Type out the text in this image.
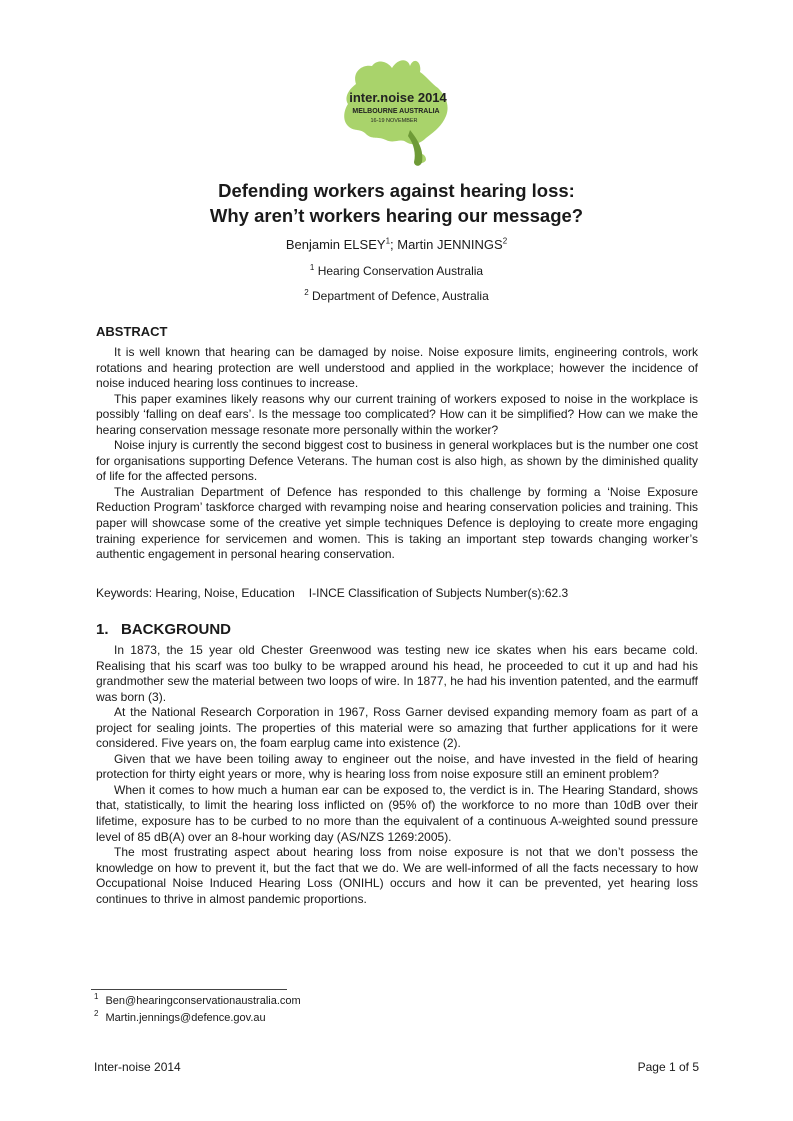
inter.noise 2014
MELBOURNE AUSTRALIA
16-19 NOVEMBER
Defending workers against hearing loss:
Why aren’t workers hearing our message?
Benjamin ELSEY$^1$; Martin JENNINGS$^2$
$^1$ Hearing Conservation Australia
$^2$ Department of Defence, Australia
ABSTRACT

It is well known that hearing can be damaged by noise. Noise exposure limits, engineering controls, work rotations and hearing protection are well understood and applied in the workplace; however the incidence of noise induced hearing loss continues to increase.

This paper examines likely reasons why our current training of workers exposed to noise in the workplace is possibly ‘falling on deaf ears’. Is the message too complicated? How can it be simplified? How can we make the hearing conservation message resonate more personally within the worker?

Noise injury is currently the second biggest cost to business in general workplaces but is the number one cost for organisations supporting Defence Veterans. The human cost is also high, as shown by the diminished quality of life for the affected persons.

The Australian Department of Defence has responded to this challenge by forming a ‘Noise Exposure Reduction Program’ taskforce charged with revamping noise and hearing conservation policies and training. This paper will showcase some of the creative yet simple techniques Defence is deploying to create more engaging training experience for servicemen and women. This is taking an important step towards changing worker’s authentic engagement in personal hearing conservation.

Keywords: Hearing, Noise, Education I-INCE Classification of Subjects Number(s):62.3
1.   BACKGROUND

In 1873, the 15 year old Chester Greenwood was testing new ice skates when his ears became cold. Realising that his scarf was too bulky to be wrapped around his head, he proceeded to cut it up and had his grandmother sew the material between two loops of wire. In 1877, he had his invention patented, and the earmuff was born (3).

At the National Research Corporation in 1967, Ross Garner devised expanding memory foam as part of a project for sealing joints. The properties of this material were so amazing that further applications for it were considered. Five years on, the foam earplug came into existence (2).

Given that we have been toiling away to engineer out the noise, and have invested in the field of hearing protection for thirty eight years or more, why is hearing loss from noise exposure still an eminent problem?

When it comes to how much a human ear can be exposed to, the verdict is in. The Hearing Standard, shows that, statistically, to limit the hearing loss inflicted on (95% of) the workforce to no more than 10dB over their lifetime, exposure has to be curbed to no more than the equivalent of a continuous A-weighted sound pressure level of 85 dB(A) over an 8-hour working day (AS/NZS 1269:2005).

The most frustrating aspect about hearing loss from noise exposure is not that we don’t possess the knowledge on how to prevent it, but the fact that we do. We are well-informed of all the facts necessary to how Occupational Noise Induced Hearing Loss (ONIHL) occurs and how it can be prevented, yet hearing loss continues to thrive in almost pandemic proportions.

$^1$ Ben@hearingconservationaustralia.com
$^2$ Martin.jennings@defence.gov.au
Inter-noise 2014	Page 1 of 5
